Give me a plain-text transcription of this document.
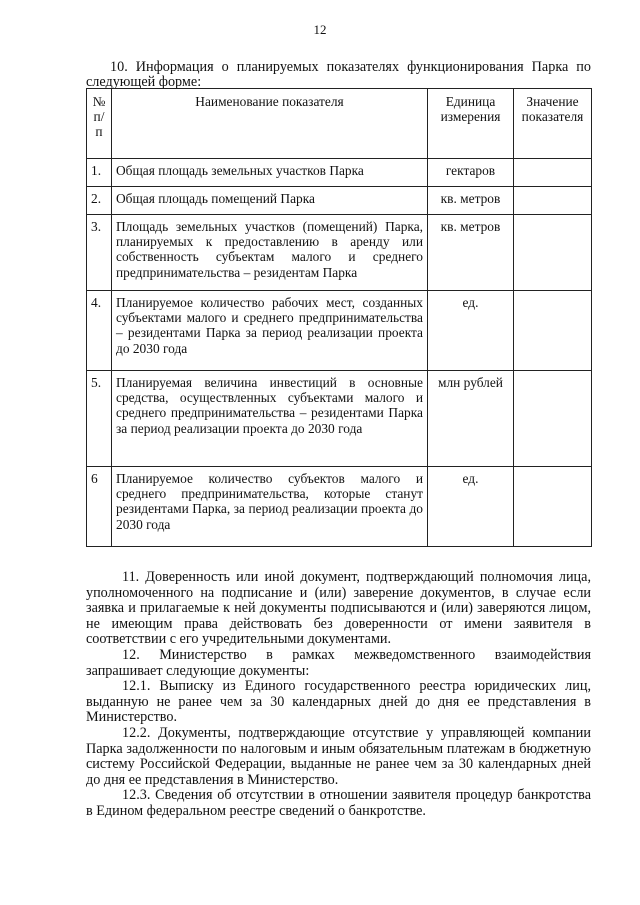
12
10. Информация о планируемых показателях функционирования Парка по следующей форме:
№ п/п	Наименование показателя	Единица измерения	Значение показателя
1.	Общая площадь земельных участков Парка	гектаров	
2.	Общая площадь помещений Парка	кв. метров	
3.	Площадь земельных участков (помещений) Парка, планируемых к предоставлению в аренду или собственность субъектам малого и среднего предпринимательства – резидентам Парка	кв. метров	
4.	Планируемое количество рабочих мест, созданных субъектами малого и среднего предпринимательства – резидентами Парка за период реализации проекта до 2030 года	ед.	
5.	Планируемая величина инвестиций в основные средства, осуществленных субъектами малого и среднего предпринимательства – резидентами Парка за период реализации проекта до 2030 года	млн рублей	
6	Планируемое количество субъектов малого и среднего предпринимательства, которые станут резидентами Парка, за период реализации проекта до 2030 года	ед.	

11. Доверенность или иной документ, подтверждающий полномочия лица, уполномоченного на подписание и (или) заверение документов, в случае если заявка и прилагаемые к ней документы подписываются и (или) заверяются лицом, не имеющим права действовать без доверенности от имени заявителя в соответствии с его учредительными документами.

12. Министерство в рамках межведомственного взаимодействия запрашивает следующие документы:

12.1. Выписку из Единого государственного реестра юридических лиц, выданную не ранее чем за 30 календарных дней до дня ее представления в Министерство.

12.2. Документы, подтверждающие отсутствие у управляющей компании Парка задолженности по налоговым и иным обязательным платежам в бюджетную систему Российской Федерации, выданные не ранее чем за 30 календарных дней до дня ее представления в Министерство.

12.3. Сведения об отсутствии в отношении заявителя процедур банкротства в Едином федеральном реестре сведений о банкротстве.
